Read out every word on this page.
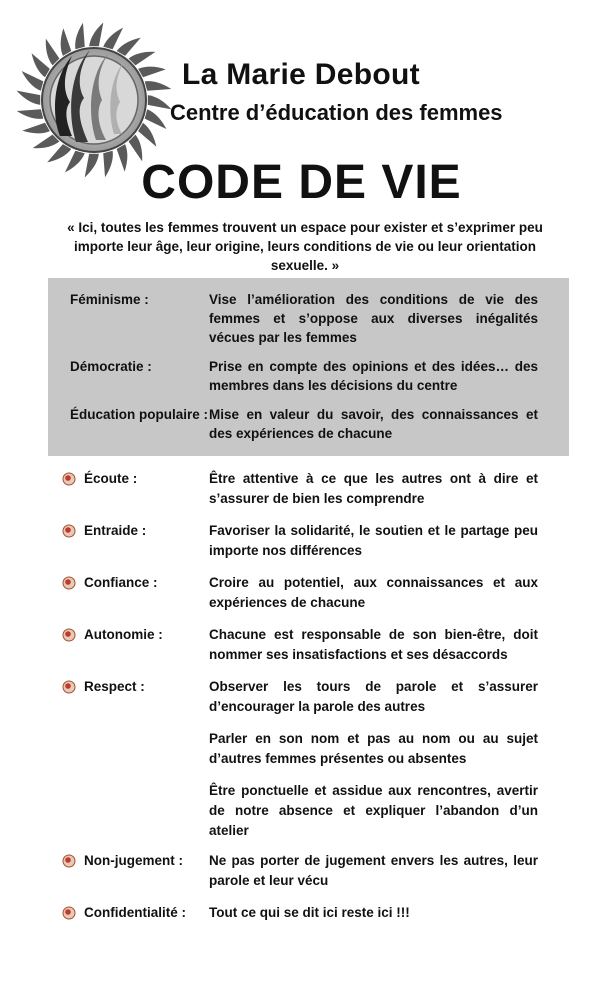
La Marie Debout
Centre d’éducation des femmes
CODE DE VIE
« Ici, toutes les femmes trouvent un espace pour exister et s’exprimer peu importe leur âge, leur origine, leurs conditions de vie ou leur orientation sexuelle. »
Féminisme :	Vise l’amélioration des conditions de vie des femmes et s’oppose aux diverses inégalités vécues par les femmes
Démocratie :	Prise en compte des opinions et des idées… des membres dans les décisions du centre
Éducation populaire : Mise en valeur du savoir, des connaissances et des expériences de chacune
Écoute :	Être attentive à ce que les autres ont à dire et s’assurer de bien les comprendre
Entraide :	Favoriser la solidarité, le soutien et le partage peu importe nos différences
Confiance :	Croire au potentiel, aux connaissances et aux expériences de chacune
Autonomie :	Chacune est responsable de son bien-être, doit nommer ses insatisfactions et ses désaccords
Respect :	Observer les tours de parole et s’assurer d’encourager la parole des autres
Parler en son nom et pas au nom ou au sujet d’autres femmes présentes ou absentes
Être ponctuelle et assidue aux rencontres, avertir de notre absence et expliquer l’abandon d’un atelier
Non-jugement : Ne pas porter de jugement envers les autres, leur parole et leur vécu
Confidentialité : Tout ce qui se dit ici reste ici !!!
